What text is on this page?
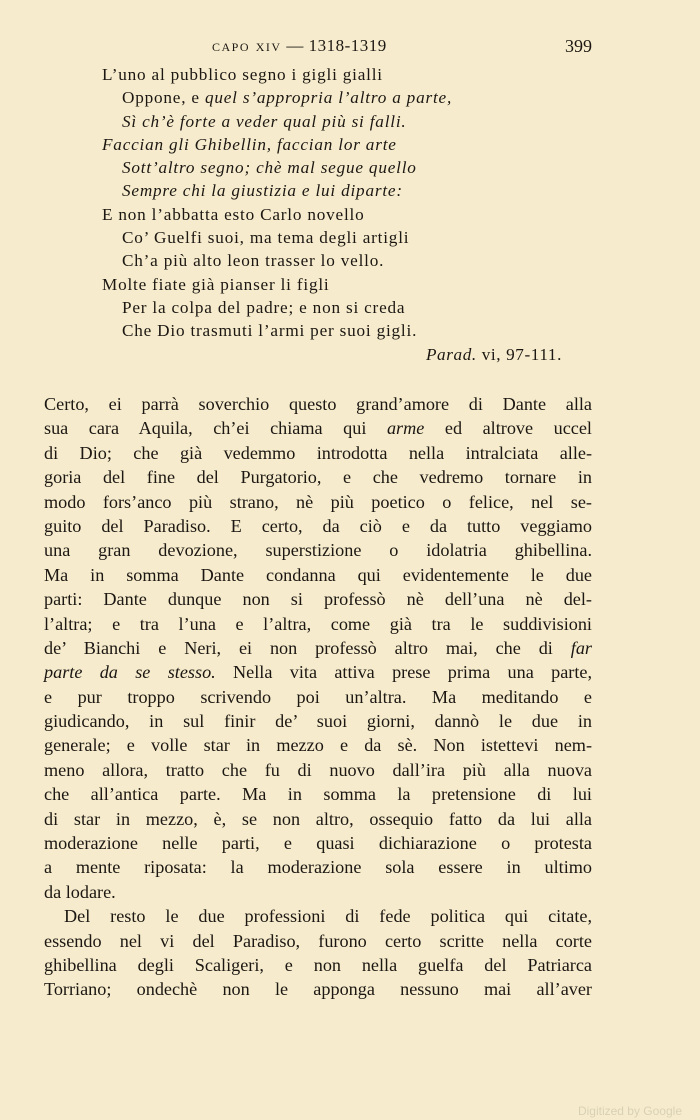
capo xiv — 1318-1319	399
L’uno al pubblico segno i gigli gialli
Oppone, e quel s’appropria l’altro a parte,
Sì ch’è forte a veder qual più si falli.
Faccian gli Ghibellin, faccian lor arte
Sott’altro segno; chè mal segue quello
Sempre chi la giustizia e lui diparte:
E non l’abbatta esto Carlo novello
Co’ Guelfi suoi, ma tema degli artigli
Ch’a più alto leon trasser lo vello.
Molte fiate già pianser li figli
Per la colpa del padre; e non si creda
Che Dio trasmuti l’armi per suoi gigli.
Parad. vi, 97-111.
Certo, ei parrà soverchio questo grand’amore di Dante alla
sua cara Aquila, ch’ei chiama qui arme ed altrove uccel
di Dio; che già vedemmo introdotta nella intralciata alle-
goria del fine del Purgatorio, e che vedremo tornare in
modo fors’anco più strano, nè più poetico o felice, nel se-
guito del Paradiso. E certo, da ciò e da tutto veggiamo
una gran devozione, superstizione o idolatria ghibellina.
Ma in somma Dante condanna qui evidentemente le due
parti: Dante dunque non si professò nè dell’una nè del-
l’altra; e tra l’una e l’altra, come già tra le suddivisioni
de’ Bianchi e Neri, ei non professò altro mai, che di far
parte da se stesso. Nella vita attiva prese prima una parte,
e pur troppo scrivendo poi un’altra. Ma meditando e
giudicando, in sul finir de’ suoi giorni, dannò le due in
generale; e volle star in mezzo e da sè. Non istettevi nem-
meno allora, tratto che fu di nuovo dall’ira più alla nuova
che all’antica parte. Ma in somma la pretensione di lui
di star in mezzo, è, se non altro, ossequio fatto da lui alla
moderazione nelle parti, e quasi dichiarazione o protesta
a mente riposata: la moderazione sola essere in ultimo
da lodare.
Del resto le due professioni di fede politica qui citate,
essendo nel vi del Paradiso, furono certo scritte nella corte
ghibellina degli Scaligeri, e non nella guelfa del Patriarca
Torriano; ondechè non le apponga nessuno mai all’aver
Digitized by Google
